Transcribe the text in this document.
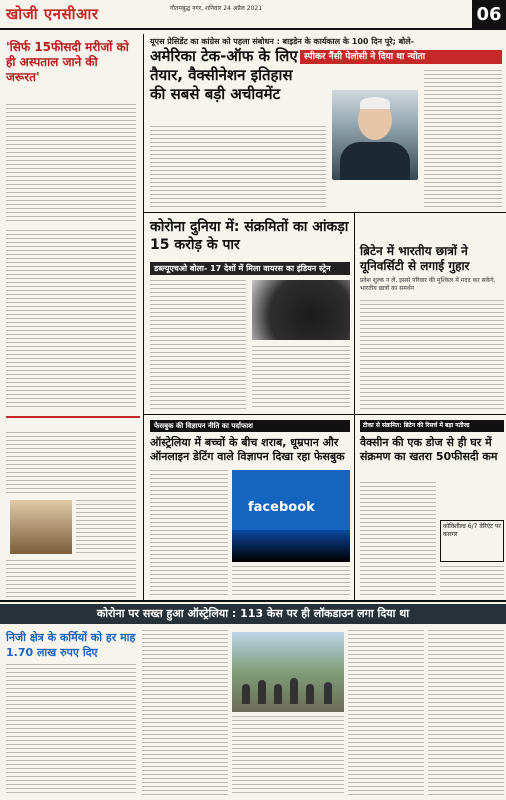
खोजी एनसीआर	गौतमबुद्ध नगर, शनिवार 24 अप्रैल 2021	06
'सिर्फ 15फीसदी मरीजों को ही अस्पताल जाने की जरूरत'
यूएस प्रेसिडेंट का कांग्रेस को पहला संबोधन : बाइडेन के कार्यकाल के 100 दिन पूरे; बोले-
स्पीकर नैंसी पेलोसी ने दिया था न्योता
अमेरिका टेक-ऑफ के लिए तैयार, वैक्सीनेशन इतिहास की सबसे बड़ी अचीवमेंट
कोरोना दुनिया में: संक्रमितों का आंकड़ा 15 करोड़ के पार
डब्ल्यूएचओ बोला- 17 देशों में मिला वायरस का इंडियन स्ट्रेन
ब्रिटेन में भारतीय छात्रों ने यूनिवर्सिटी से लगाई गुहार
प्रवेश शुल्क न लें, इससे परिवार की मुश्किल में मदद कर सकेंगे, भारतीय छात्रों का समर्थन
फेसबुक की विज्ञापन नीति का पर्दाफाश
ऑस्ट्रेलिया में बच्चों के बीच शराब, धूम्रपान और ऑनलाइन डेटिंग वाले विज्ञापन दिखा रहा फेसबुक
facebook
टीका से संक्रमित: ब्रिटेन की रिसर्च में बड़ा नतीजा
वैक्सीन की एक डोज से ही घर में संक्रमण का खतरा 50फीसदी कम
कोविशील्ड 6/7 वेरिएंट पर कारगर
कोरोना पर सख्त हुआ ऑस्ट्रेलिया : 113 केस पर ही लॉकडाउन लगा दिया था
निजी क्षेत्र के कर्मियों को हर माह 1.70 लाख रुपए दिए
